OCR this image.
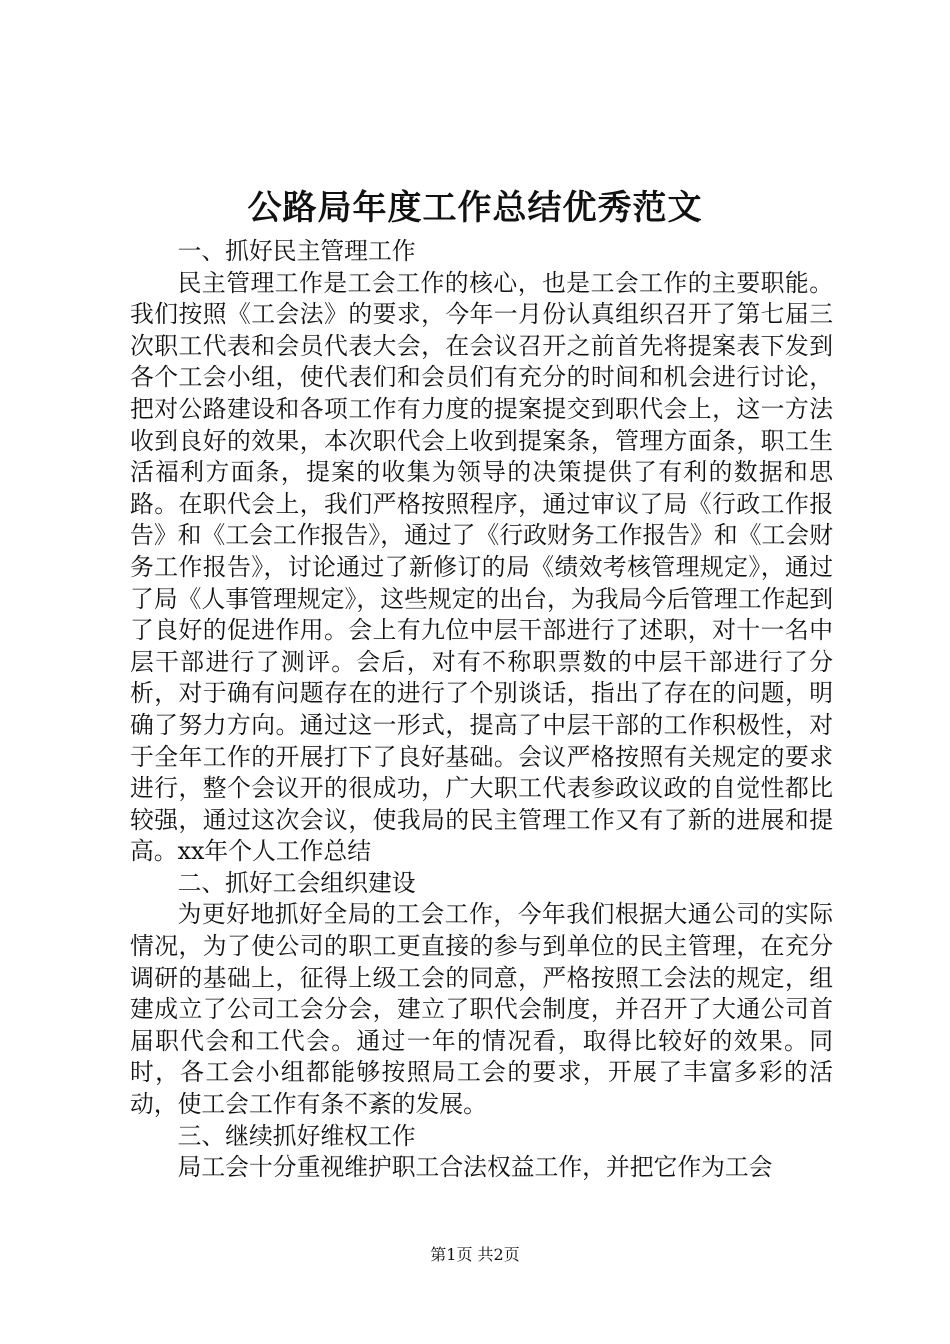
公路局年度工作总结优秀范文

一、抓好民主管理工作

民主管理工作是工会工作的核心，也是工会工作的主要职能。我们按照《工会法》的要求，今年一月份认真组织召开了第七届三次职工代表和会员代表大会，在会议召开之前首先将提案表下发到各个工会小组，使代表们和会员们有充分的时间和机会进行讨论，把对公路建设和各项工作有力度的提案提交到职代会上，这一方法收到良好的效果，本次职代会上收到提案条，管理方面条，职工生活福利方面条，提案的收集为领导的决策提供了有利的数据和思路。在职代会上，我们严格按照程序，通过审议了局《行政工作报告》和《工会工作报告》，通过了《行政财务工作报告》和《工会财务工作报告》，讨论通过了新修订的局《绩效考核管理规定》，通过了局《人事管理规定》，这些规定的出台，为我局今后管理工作起到了良好的促进作用。会上有九位中层干部进行了述职，对十一名中层干部进行了测评。会后，对有不称职票数的中层干部进行了分析，对于确有问题存在的进行了个别谈话，指出了存在的问题，明确了努力方向。通过这一形式，提高了中层干部的工作积极性，对于全年工作的开展打下了良好基础。会议严格按照有关规定的要求进行，整个会议开的很成功，广大职工代表参政议政的自觉性都比较强，通过这次会议，使我局的民主管理工作又有了新的进展和提高。xx年个人工作总结

二、抓好工会组织建设

为更好地抓好全局的工会工作，今年我们根据大通公司的实际情况，为了使公司的职工更直接的参与到单位的民主管理，在充分调研的基础上，征得上级工会的同意，严格按照工会法的规定，组建成立了公司工会分会，建立了职代会制度，并召开了大通公司首届职代会和工代会。通过一年的情况看，取得比较好的效果。同时，各工会小组都能够按照局工会的要求，开展了丰富多彩的活动，使工会工作有条不紊的发展。

三、继续抓好维权工作

局工会十分重视维护职工合法权益工作，并把它作为工会

第1页 共2页
